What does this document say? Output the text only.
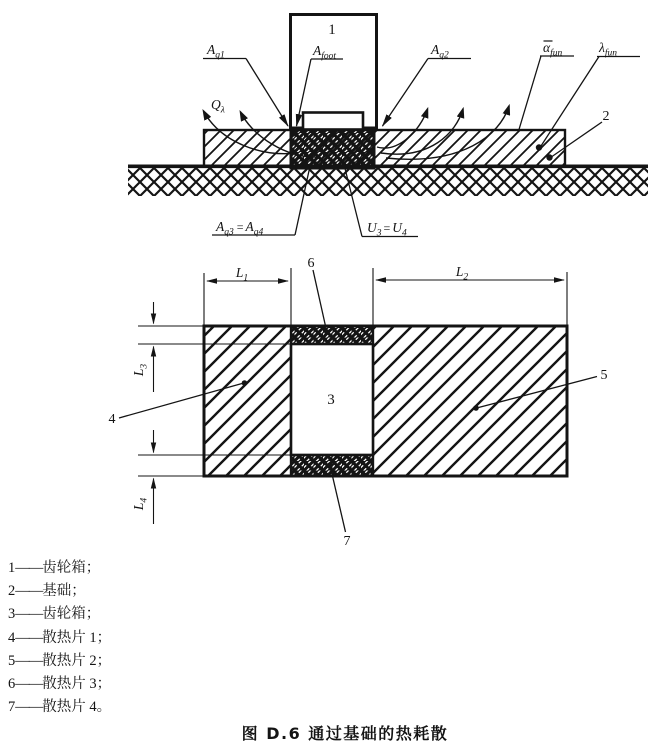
1
2
$Q_\lambda$
$A_{q1}$	$A_{foot}$	$A_{q2}$
$\alpha_{fun}$	$\lambda_{fun}$
$A_{q3} = A_{q4}$	$U_3 = U_4$
$L_1$	$L_2$
$L_3$
$L_4$
3
6
7
4
5
1——齿轮箱；
2——基础；
3——齿轮箱；
4——散热片 1；
5——散热片 2；
6——散热片 3；
7——散热片 4。
图 D.6 通过基础的热耗散
